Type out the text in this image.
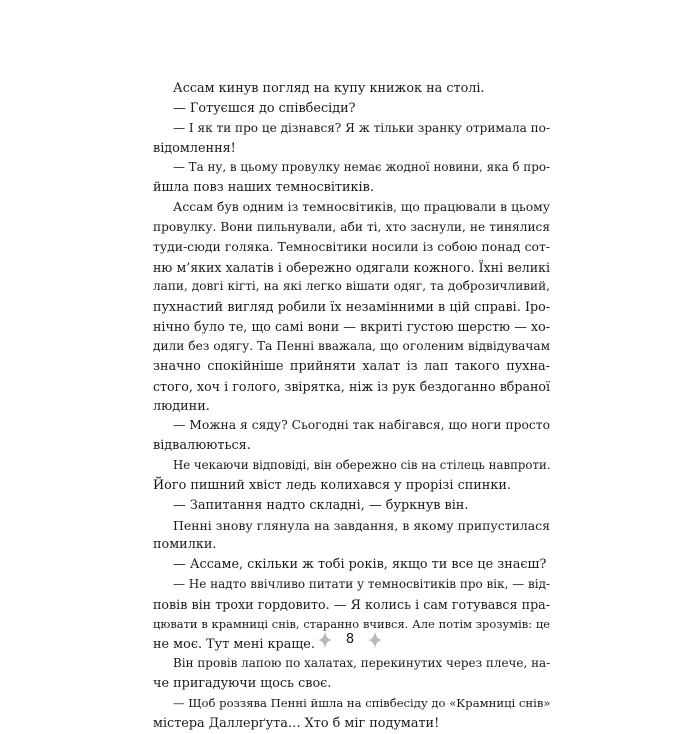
Ассам кинув погляд на купу книжок на столі.
— Готуєшся до співбесіди?
— І як ти про це дізнався? Я ж тільки зранку отримала по-
відомлення!
— Та ну, в цьому провулку немає жодної новини, яка б про-
йшла повз наших темносвітиків.
Ассам був одним із темносвітиків, що працювали в цьому
провулку. Вони пильнували, аби ті, хто заснули, не тинялися
туди-сюди голяка. Темносвітики носили із собою понад сот-
ню м’яких халатів і обережно одягали кожного. Їхні великі
лапи, довгі кігті, на які легко вішати одяг, та доброзичливий,
пухнастий вигляд робили їх незамінними в цій справі. Іро-
нічно було те, що самі вони — вкриті густою шерстю — хо-
дили без одягу. Та Пенні вважала, що оголеним відвідувачам
значно спокійніше прийняти халат із лап такого пухна-
стого, хоч і голого, звірятка, ніж із рук бездоганно вбраної
людини.
— Можна я сяду? Сьогодні так набігався, що ноги просто
відвалюються.
Не чекаючи відповіді, він обережно сів на стілець навпроти.
Його пишний хвіст ледь колихався у прорізі спинки.
— Запитання надто складні, — буркнув він.
Пенні знову глянула на завдання, в якому припустилася
помилки.
— Ассаме, скільки ж тобі років, якщо ти все це знаєш?
— Не надто ввічливо питати у темносвітиків про вік, — від-
повів він трохи гордовито. — Я колись і сам готувався пра-
цювати в крамниці снів, старанно вчився. Але потім зрозумів: це
не моє. Тут мені краще.
Він провів лапою по халатах, перекинутих через плече, на-
че пригадуючи щось своє.
— Щоб роззява Пенні йшла на співбесіду до «Крамниці снів»
містера Даллерґута… Хто б міг подумати!
8
